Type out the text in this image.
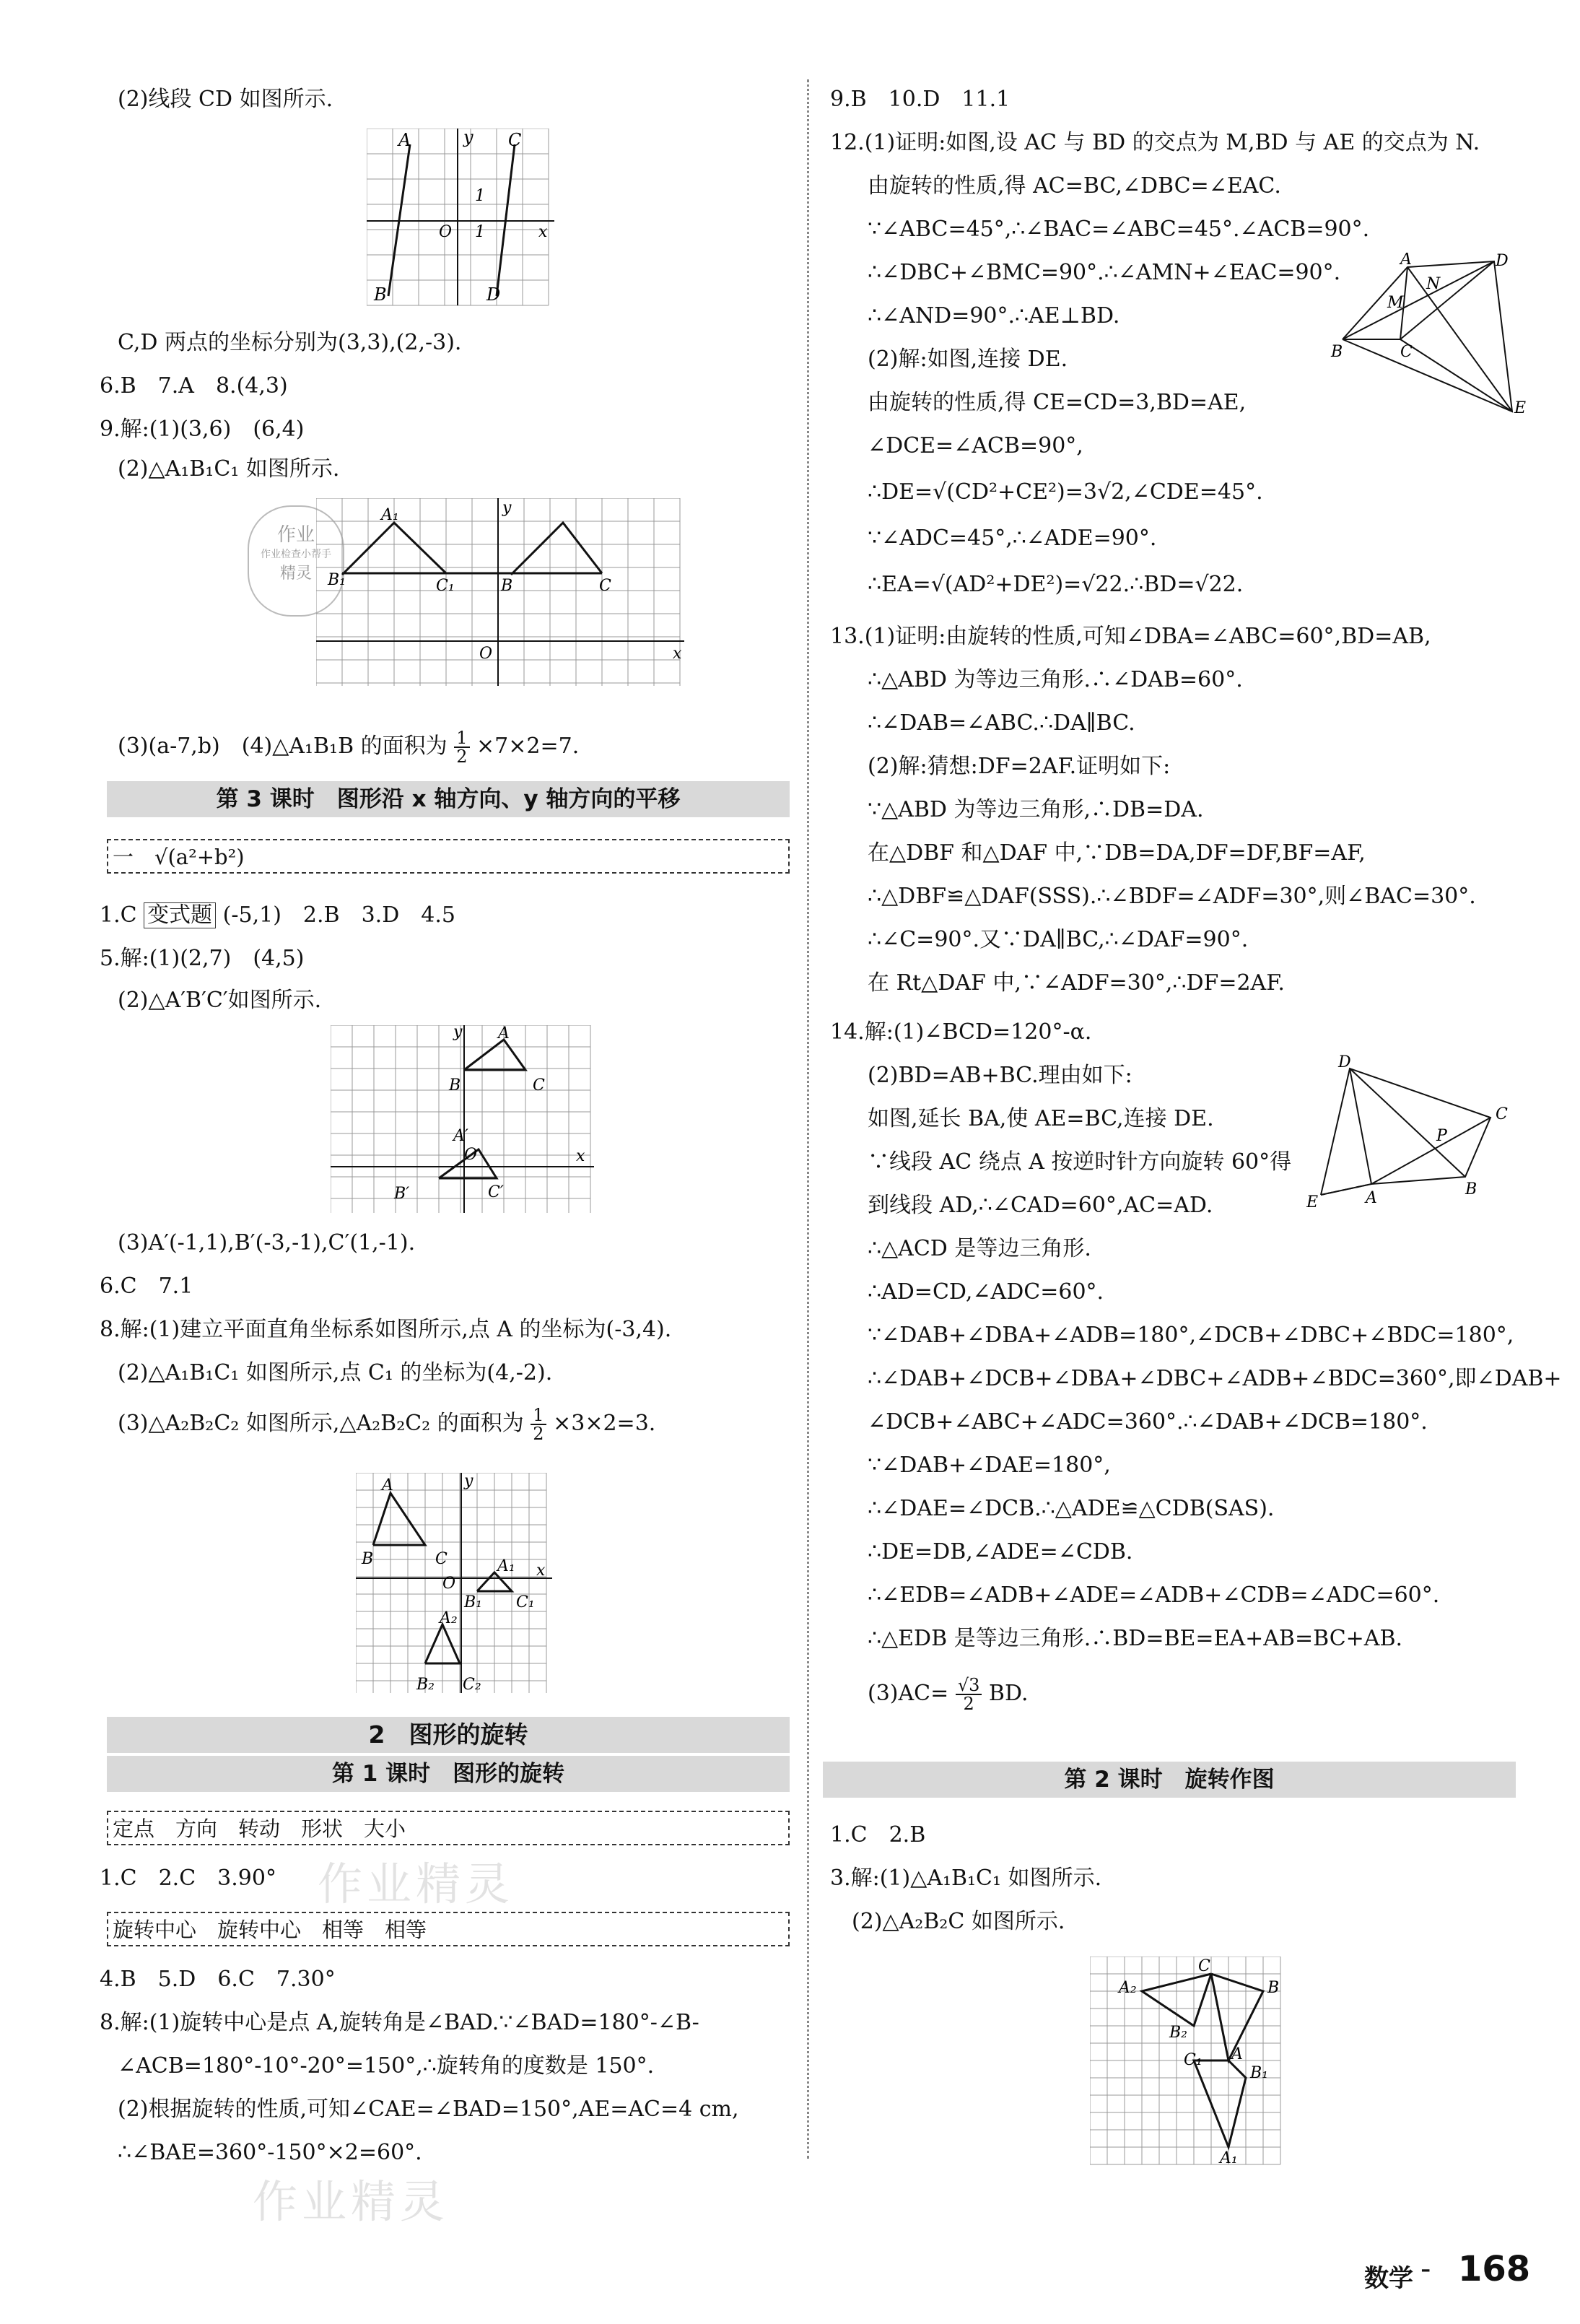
(2)线段 CD 如图所示.
A	y C
1
O 1	x
B	D
C,D 两点的坐标分别为(3,3),(2,-3).
6.B　7.A　8.(4,3)
9.解:(1)(3,6)　(6,4)
(2)△A₁B₁C₁ 如图所示.
作业
作业检查小帮手
精灵
A₁	y
B₁	C₁	B	C
O	x
(3)(a-7,b)　(4)△A₁B₁B 的面积为 $\frac{1}{2} \times 7\times 2=7$.
第 3 课时　图形沿 x 轴方向、y 轴方向的平移
一　√(a²+b²)
1.C 变式题 (-5,1)　2.B　3.D　4.5
5.解:(1)(2,7)　(4,5)
(2)△A′B′C′如图所示.
A
y
B	C
A′
O
B′	C′
x
(3)A′(-1,1),B′(-3,-1),C′(1,-1).
6.C　7.1
8.解:(1)建立平面直角坐标系如图所示,点 A 的坐标为(-3,4).
(2)△A₁B₁C₁ 如图所示,点 C₁ 的坐标为(4,-2).
(3)△A₂B₂C₂ 如图所示,△A₂B₂C₂ 的面积为 $\frac{1}{2} \times 3\times 2=3$.
A	y
B	C
O
A₁ x
B₁ C₁
A₂
B₂ C₂
2　图形的旋转
第 1 课时　图形的旋转
定点　方向　转动　形状　大小
1.C　2.C　3.90°
旋转中心　旋转中心　相等　相等
4.B　5.D　6.C　7.30°
8.解:(1)旋转中心是点 A,旋转角是∠BAD.∵∠BAD=180°-∠B-
∠ACB=180°-10°-20°=150°,∴旋转角的度数是 150°.
(2)根据旋转的性质,可知∠CAE=∠BAD=150°,AE=AC=4 cm,
∴∠BAE=360°-150°×2=60°.
作业精灵
作业精灵
9.B　10.D　11.1
12.(1)证明:如图,设 AC 与 BD 的交点为 M,BD 与 AE 的交点为 N.
由旋转的性质,得 AC=BC,∠DBC=∠EAC.
∵∠ABC=45°,∴∠BAC=∠ABC=45°.∠ACB=90°.
∴∠DBC+∠BMC=90°.∴∠AMN+∠EAC=90°.
∴∠AND=90°.∴AE⊥BD.
(2)解:如图,连接 DE.
由旋转的性质,得 CE=CD=3,BD=AE,
∠DCE=∠ACB=90°,
∴DE=√(CD²+CE²)=3√2,∠CDE=45°.
∵∠ADC=45°,∴∠ADE=90°.
∴EA=√(AD²+DE²)=√22.∴BD=√22.
A	D
N
M
B	C
E
13.(1)证明:由旋转的性质,可知∠DBA=∠ABC=60°,BD=AB,
∴△ABD 为等边三角形.∴∠DAB=60°.
∴∠DAB=∠ABC.∴DA∥BC.
(2)解:猜想:DF=2AF.证明如下:
∵△ABD 为等边三角形,∴DB=DA.
在△DBF 和△DAF 中,∵DB=DA,DF=DF,BF=AF,
∴△DBF≌△DAF(SSS).∴∠BDF=∠ADF=30°,则∠BAC=30°.
∴∠C=90°.又∵DA∥BC,∴∠DAF=90°.
在 Rt△DAF 中,∵∠ADF=30°,∴DF=2AF.
14.解:(1)∠BCD=120°-α.
(2)BD=AB+BC.理由如下:
如图,延长 BA,使 AE=BC,连接 DE.
∵线段 AC 绕点 A 按逆时针方向旋转 60°得
到线段 AD,∴∠CAD=60°,AC=AD.
D
C
P
E	A	B
∴△ACD 是等边三角形.
∴AD=CD,∠ADC=60°.
∵∠DAB+∠DBA+∠ADB=180°,∠DCB+∠DBC+∠BDC=180°,
∴∠DAB+∠DCB+∠DBA+∠DBC+∠ADB+∠BDC=360°,即∠DAB+
∠DCB+∠ABC+∠ADC=360°.∴∠DAB+∠DCB=180°.
∵∠DAB+∠DAE=180°,
∴∠DAE=∠DCB.∴△ADE≌△CDB(SAS).
∴DE=DB,∠ADE=∠CDB.
∴∠EDB=∠ADB+∠ADE=∠ADB+∠CDB=∠ADC=60°.
∴△EDB 是等边三角形.∴BD=BE=EA+AB=BC+AB.
$(3)AC= \frac{√3}{2}$ BD.
第 2 课时　旋转作图
1.C　2.B
3.解:(1)△A₁B₁C₁ 如图所示.
(2)△A₂B₂C 如图所示.
C
B
A₂
B₂
A
C₁
B₁
A₁
数学 - 168
